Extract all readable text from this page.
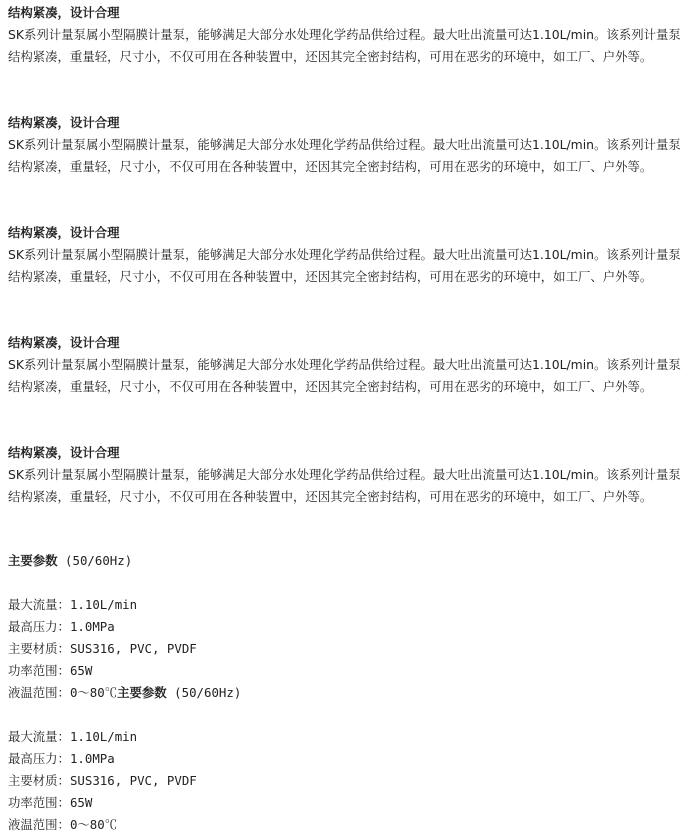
结构紧凑，设计合理
SK系列计量泵属小型隔膜计量泵，能够满足大部分水处理化学药品供给过程。最大吐出流量可达1.10L/min。该系列计量泵结构紧凑，重量轻，尺寸小，不仅可用在各种装置中，还因其完全密封结构，可用在恶劣的环境中，如工厂、户外等。
结构紧凑，设计合理
SK系列计量泵属小型隔膜计量泵，能够满足大部分水处理化学药品供给过程。最大吐出流量可达1.10L/min。该系列计量泵结构紧凑，重量轻，尺寸小，不仅可用在各种装置中，还因其完全密封结构，可用在恶劣的环境中，如工厂、户外等。
结构紧凑，设计合理
SK系列计量泵属小型隔膜计量泵，能够满足大部分水处理化学药品供给过程。最大吐出流量可达1.10L/min。该系列计量泵结构紧凑，重量轻，尺寸小，不仅可用在各种装置中，还因其完全密封结构，可用在恶劣的环境中，如工厂、户外等。
结构紧凑，设计合理
SK系列计量泵属小型隔膜计量泵，能够满足大部分水处理化学药品供给过程。最大吐出流量可达1.10L/min。该系列计量泵结构紧凑，重量轻，尺寸小，不仅可用在各种装置中，还因其完全密封结构，可用在恶劣的环境中，如工厂、户外等。
结构紧凑，设计合理
SK系列计量泵属小型隔膜计量泵，能够满足大部分水处理化学药品供给过程。最大吐出流量可达1.10L/min。该系列计量泵结构紧凑，重量轻，尺寸小，不仅可用在各种装置中，还因其完全密封结构，可用在恶劣的环境中，如工厂、户外等。
主要参数 (50/60Hz)
最大流量：1.10L/min
最高压力：1.0MPa
主要材质：SUS316, PVC, PVDF
功率范围：65W
液温范围：0～80℃主要参数 (50/60Hz)
最大流量：1.10L/min
最高压力：1.0MPa
主要材质：SUS316, PVC, PVDF
功率范围：65W
液温范围：0～80℃
